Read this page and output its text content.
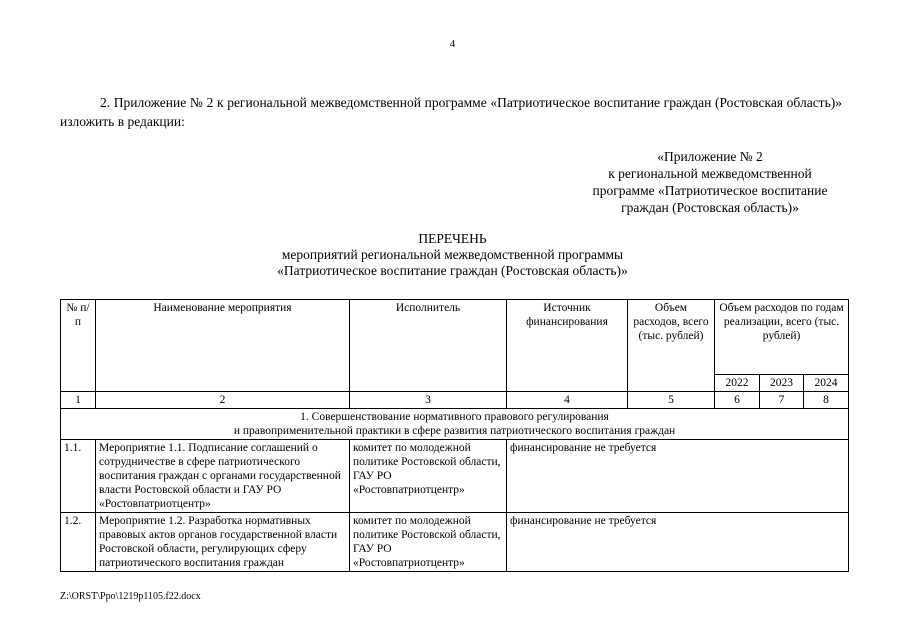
4
2. Приложение № 2 к региональной межведомственной программе «Патриотическое воспитание граждан (Ростовская область)» изложить в редакции:
«Приложение № 2
к региональной межведомственной
программе «Патриотическое воспитание
граждан (Ростовская область)»
ПЕРЕЧЕНЬ
мероприятий региональной межведомственной программы
«Патриотическое воспитание граждан (Ростовская область)»
№ п/п	Наименование мероприятия	Исполнитель	Источник финансирования	Объем расходов, всего (тыс. рублей)	Объем расходов по годам реализации, всего (тыс. рублей)		
					2022	2023	2024
1	2	3	4	5	6	7	8

1. Совершенствование нормативного правового регулирования
и правоприменительной практики в сфере развития патриотического воспитания граждан							

1.1.	Мероприятие 1.1. Подписание соглашений о сотрудничестве в сфере патриотического воспитания граждан с органами государственной власти Ростовской области и ГАУ РО «Ростовпатриотцентр»	комитет по молодежной политике Ростовской области, ГАУ РО «Ростовпатриотцентр»	финансирование не требуется				
1.2.	Мероприятие 1.2. Разработка нормативных правовых актов органов государственной власти Ростовской области, регулирующих сферу патриотического воспитания граждан	комитет по молодежной политике Ростовской области, ГАУ РО «Ростовпатриотцентр»	финансирование не требуется				
Z:\ORST\Ppo\1219p1105.f22.docx
